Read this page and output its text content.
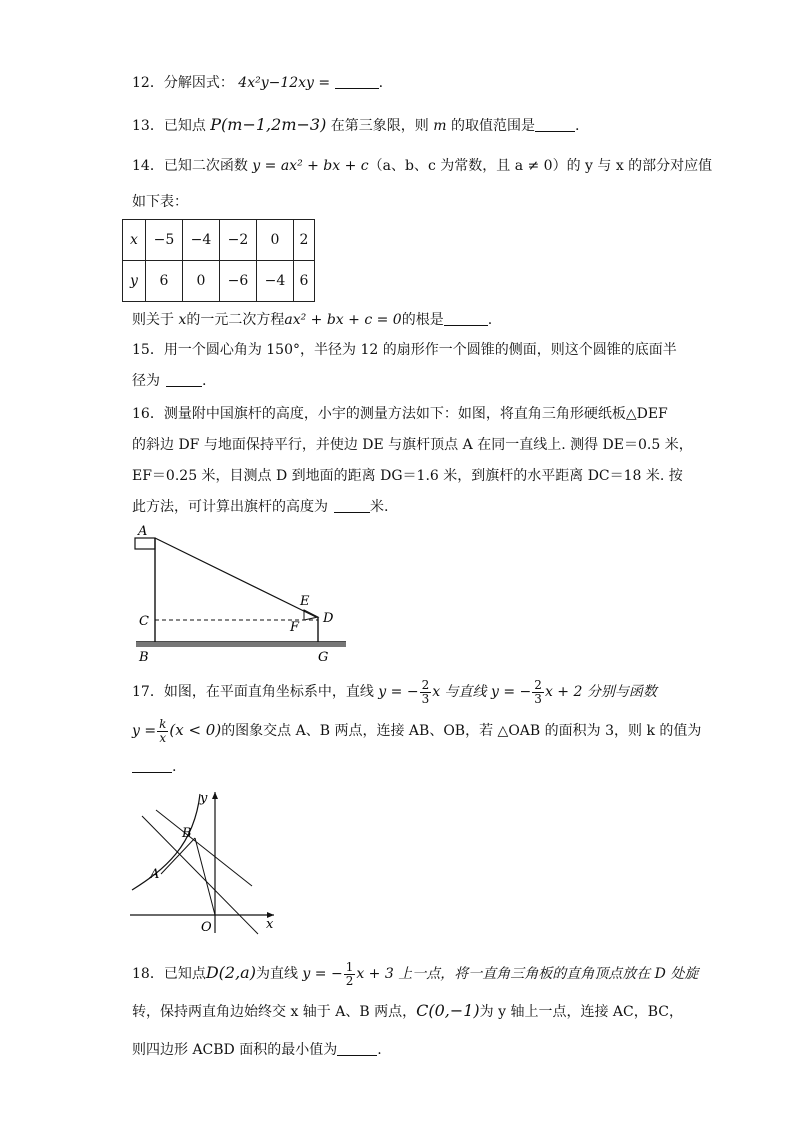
12．分解因式： 4x²y−12xy =	.
13．已知点 P(m−1,2m−3) 在第三象限，则 m 的取值范围是	.
14．已知二次函数 y = ax² + bx + c（a、b、c 为常数，且 a ≠ 0）的 y 与 x 的部分对应值
如下表：
x	−5	−4	−2	0	2
y	6	0	−6	−4	6
则关于 x的一元二次方程ax² + bx + c = 0的根是	.
15．用一个圆心角为 150°，半径为 12 的扇形作一个圆锥的侧面，则这个圆锥的底面半
径为	.
16．测量附中国旗杆的高度，小宇的测量方法如下：如图，将直角三角形硬纸板△DEF
的斜边 DF 与地面保持平行，并使边 DE 与旗杆顶点 A 在同一直线上. 测得 DE＝0.5 米，
EF＝0.25 米，目测点 D 到地面的距离 DG＝1.6 米，到旗杆的水平距离 DC＝18 米. 按
此方法，可计算出旗杆的高度为	米.
A
C
B
E
F
D
G
17．如图，在平面直角坐标系中，直线 y = − $\frac{2}{3}$ x 与直线 y = − $\frac{2}{3}$ x + 2 分别与函数
$y = \frac{k}{x} (x < 0)$的图象交点 A、B 两点，连接 AB、OB，若 △OAB 的面积为 3，则 k 的值为
.
y
x
O
A
B
18．已知点D(2,a)为直线 y = − $\frac{1}{2}$ x + 3 上一点，将一直角三角板的直角顶点放在 D 处旋
转，保持两直角边始终交 x 轴于 A、B 两点，C(0,−1)为 y 轴上一点，连接 AC，BC，
则四边形 ACBD 面积的最小值为	.
